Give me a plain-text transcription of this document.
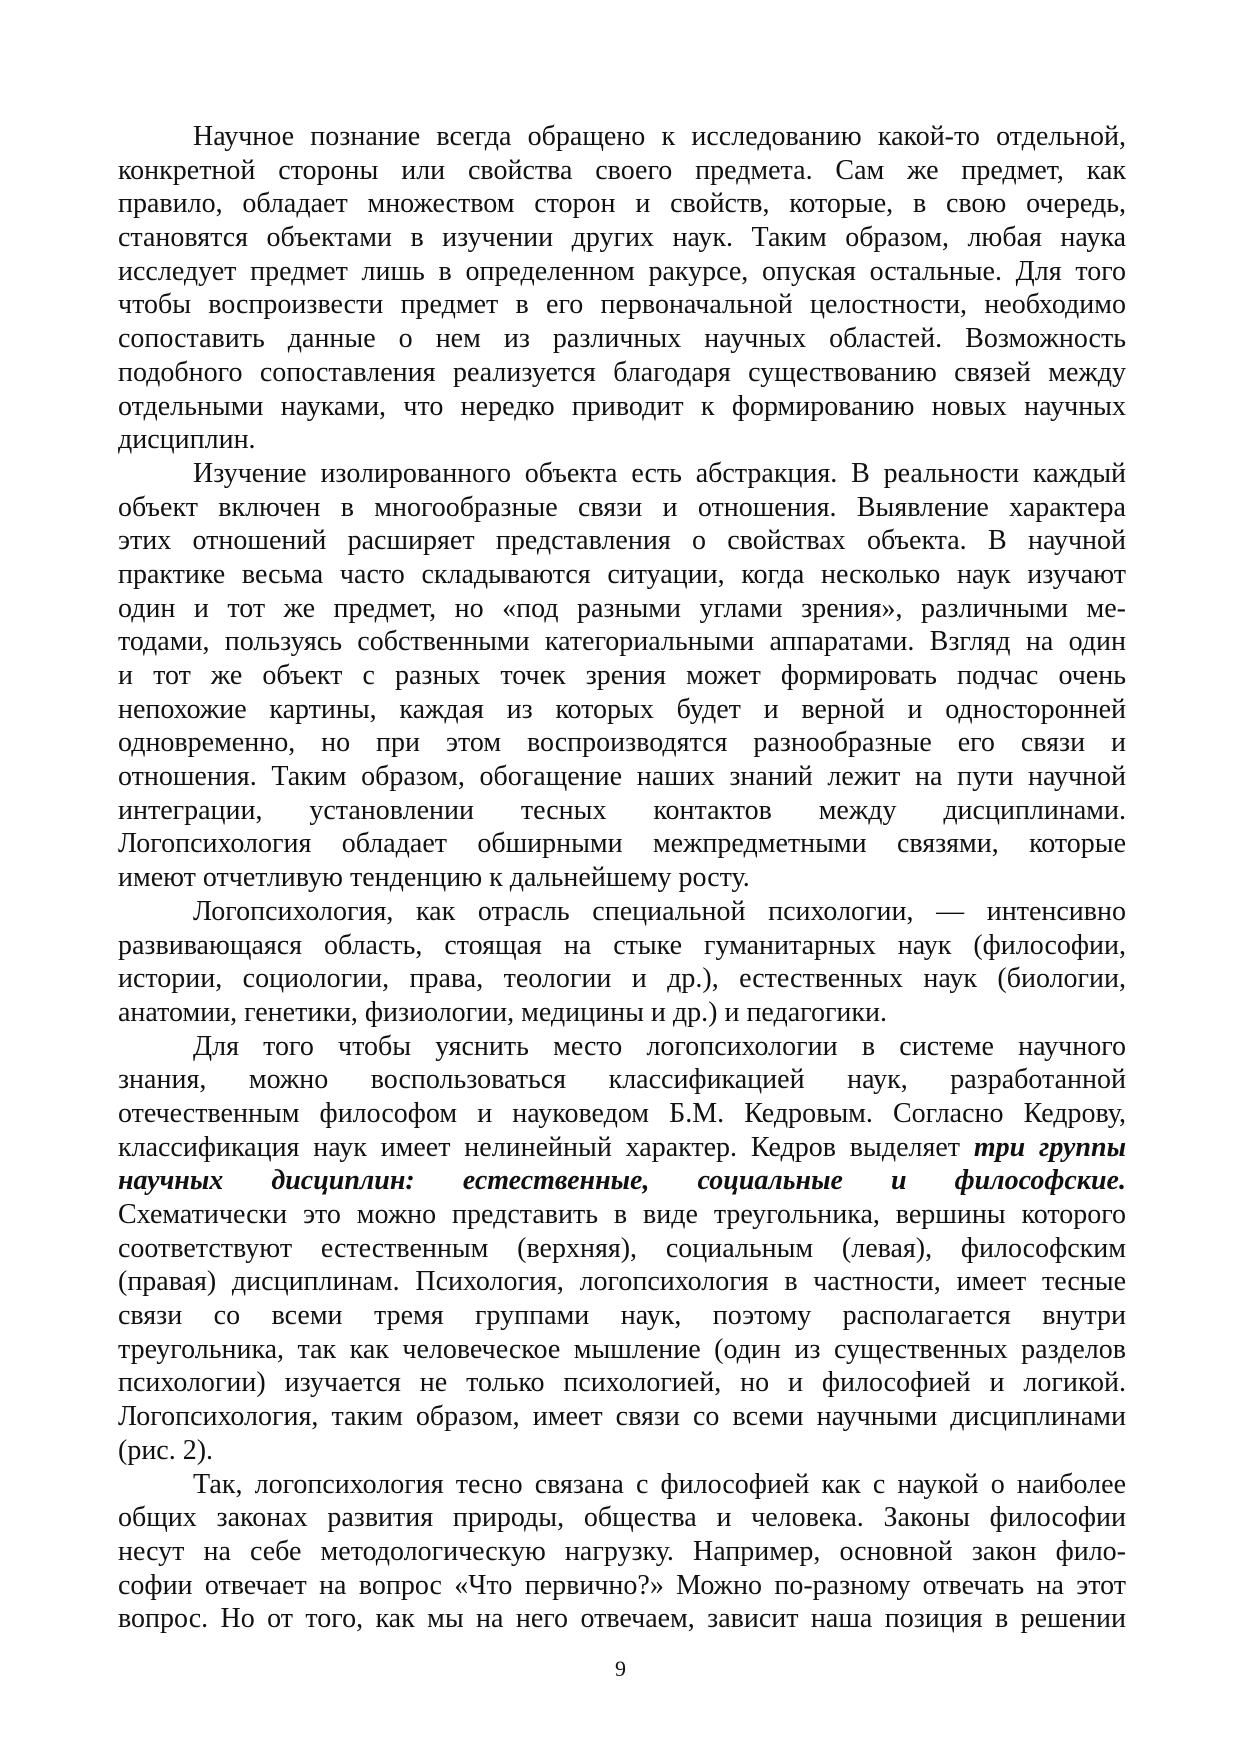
Научное познание всегда обращено к исследованию какой-то отдельной,
конкретной стороны или свойства своего предмета. Сам же предмет, как
правило, обладает множеством сторон и свойств, которые, в свою очередь,
становятся объектами в изучении других наук. Таким образом, любая наука
исследует предмет лишь в определенном ракурсе, опуская остальные. Для того
чтобы воспроизвести предмет в его первоначальной целостности, необходимо
сопоставить данные о нем из различных научных областей. Возможность
подобного сопоставления реализуется благодаря существованию связей между
отдельными науками, что нередко приводит к формированию новых научных
дисциплин.
Изучение изолированного объекта есть абстракция. В реальности каждый
объект включен в многообразные связи и отношения. Выявление характера
этих отношений расширяет представления о свойствах объекта. В научной
практике весьма часто складываются ситуации, когда несколько наук изучают
один и тот же предмет, но «под разными углами зрения», различными ме-
тодами, пользуясь собственными категориальными аппаратами. Взгляд на один
и тот же объект с разных точек зрения может формировать подчас очень
непохожие картины, каждая из которых будет и верной и односторонней
одновременно, но при этом воспроизводятся разнообразные его связи и
отношения. Таким образом, обогащение наших знаний лежит на пути научной
интеграции, установлении тесных контактов между дисциплинами.
Логопсихология обладает обширными межпредметными связями, которые
имеют отчетливую тенденцию к дальнейшему росту.
Логопсихология, как отрасль специальной психологии, — интенсивно
развивающаяся область, стоящая на стыке гуманитарных наук (философии,
истории, социологии, права, теологии и др.), естественных наук (биологии,
анатомии, генетики, физиологии, медицины и др.) и педагогики.
Для того чтобы уяснить место логопсихологии в системе научного
знания, можно воспользоваться классификацией наук, разработанной
отечественным философом и науковедом Б.М. Кедровым. Согласно Кедрову,
классификация наук имеет нелинейный характер. Кедров выделяет три группы
научных дисциплин: естественные, социальные и философские.
Схематически это можно представить в виде треугольника, вершины которого
соответствуют естественным (верхняя), социальным (левая), философским
(правая) дисциплинам. Психология, логопсихология в частности, имеет тесные
связи со всеми тремя группами наук, поэтому располагается внутри
треугольника, так как человеческое мышление (один из существенных разделов
психологии) изучается не только психологией, но и философией и логикой.
Логопсихология, таким образом, имеет связи со всеми научными дисциплинами
(рис. 2).
Так, логопсихология тесно связана с философией как с наукой о наиболее
общих законах развития природы, общества и человека. Законы философии
несут на себе методологическую нагрузку. Например, основной закон фило-
софии отвечает на вопрос «Что первично?» Можно по-разному отвечать на этот
вопрос. Но от того, как мы на него отвечаем, зависит наша позиция в решении
9
